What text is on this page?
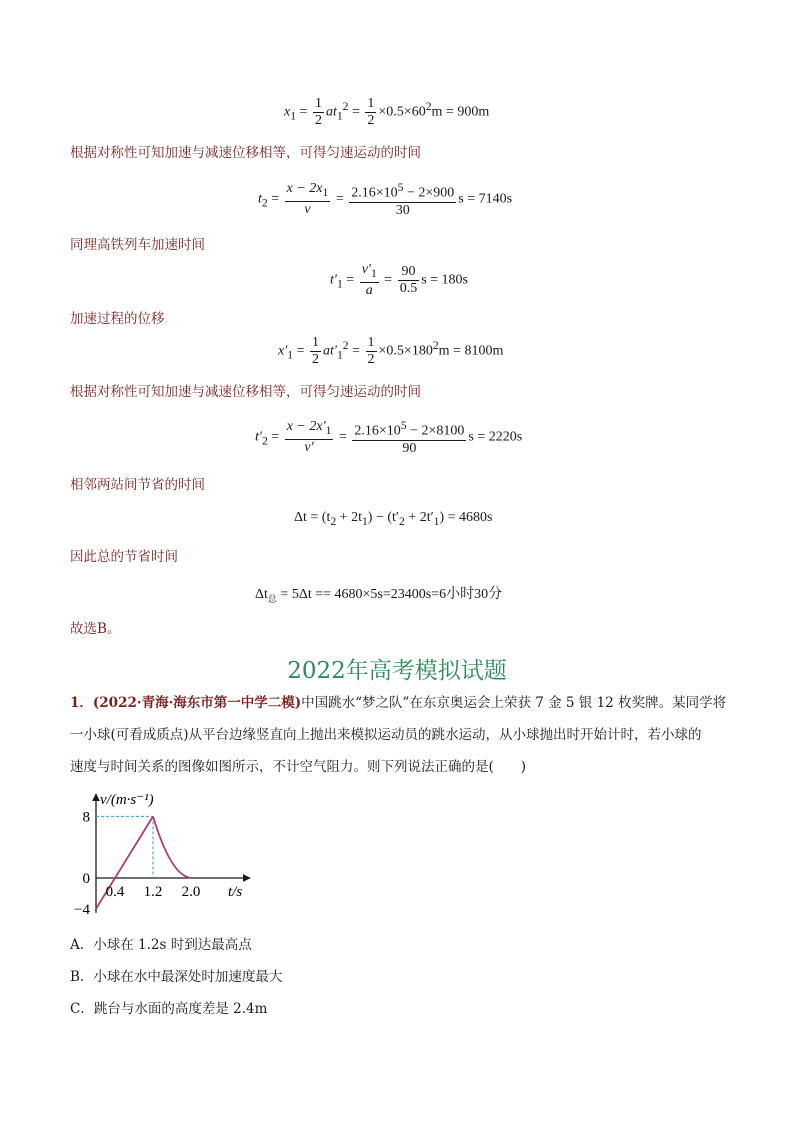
$x_1 = \frac{1}{2} at_1^2 = \frac{1}{2} \times 0.5\times 60^2m = 900m$
根据对称性可知加速与减速位移相等，可得匀速运动的时间
$t_2 = \frac{x - 2x_1}{v} = \frac{2.16\times 10^5 - 2\times 900}{30}$ s = 7140s
同理高铁列车加速时间
$t'_1 = \frac{v'_1}{a} = \frac{90}{0.5}$ s = 180s
加速过程的位移
$x'_1 = \frac{1}{2} at'_1^2 = \frac{1}{2} \times 0.5\times 180^2m = 8100m$
根据对称性可知加速与减速位移相等，可得匀速运动的时间
$t'_2 = \frac{x - 2x'_1}{v'} = \frac{2.16\times 10^5 - 2\times 8100}{90}$ s = 2220s
相邻两站间节省的时间
$\Delta t = (t_2 + 2t_1) - (t'_2 + 2t'_1) = 4680s$
因此总的节省时间
$\Delta t_总 = 5\Delta t == 4680\times 5s=23400s=6$小时30分
故选B。
2022年高考模拟试题
1．(2022·青海·海东市第一中学二模)中国跳水“梦之队”在东京奥运会上荣获 7 金 5 银 12 枚奖牌。某同学将
一小球(可看成质点)从平台边缘竖直向上抛出来模拟运动员的跳水运动，从小球抛出时开始计时，若小球的
速度与时间关系的图像如图所示，不计空气阻力。则下列说法正确的是(　　)
8
0
−4
0.4 1.2 2.0
v/(m·s⁻¹)
t/s
A．小球在 1.2s 时到达最高点
B．小球在水中最深处时加速度最大
C．跳台与水面的高度差是 2.4m
